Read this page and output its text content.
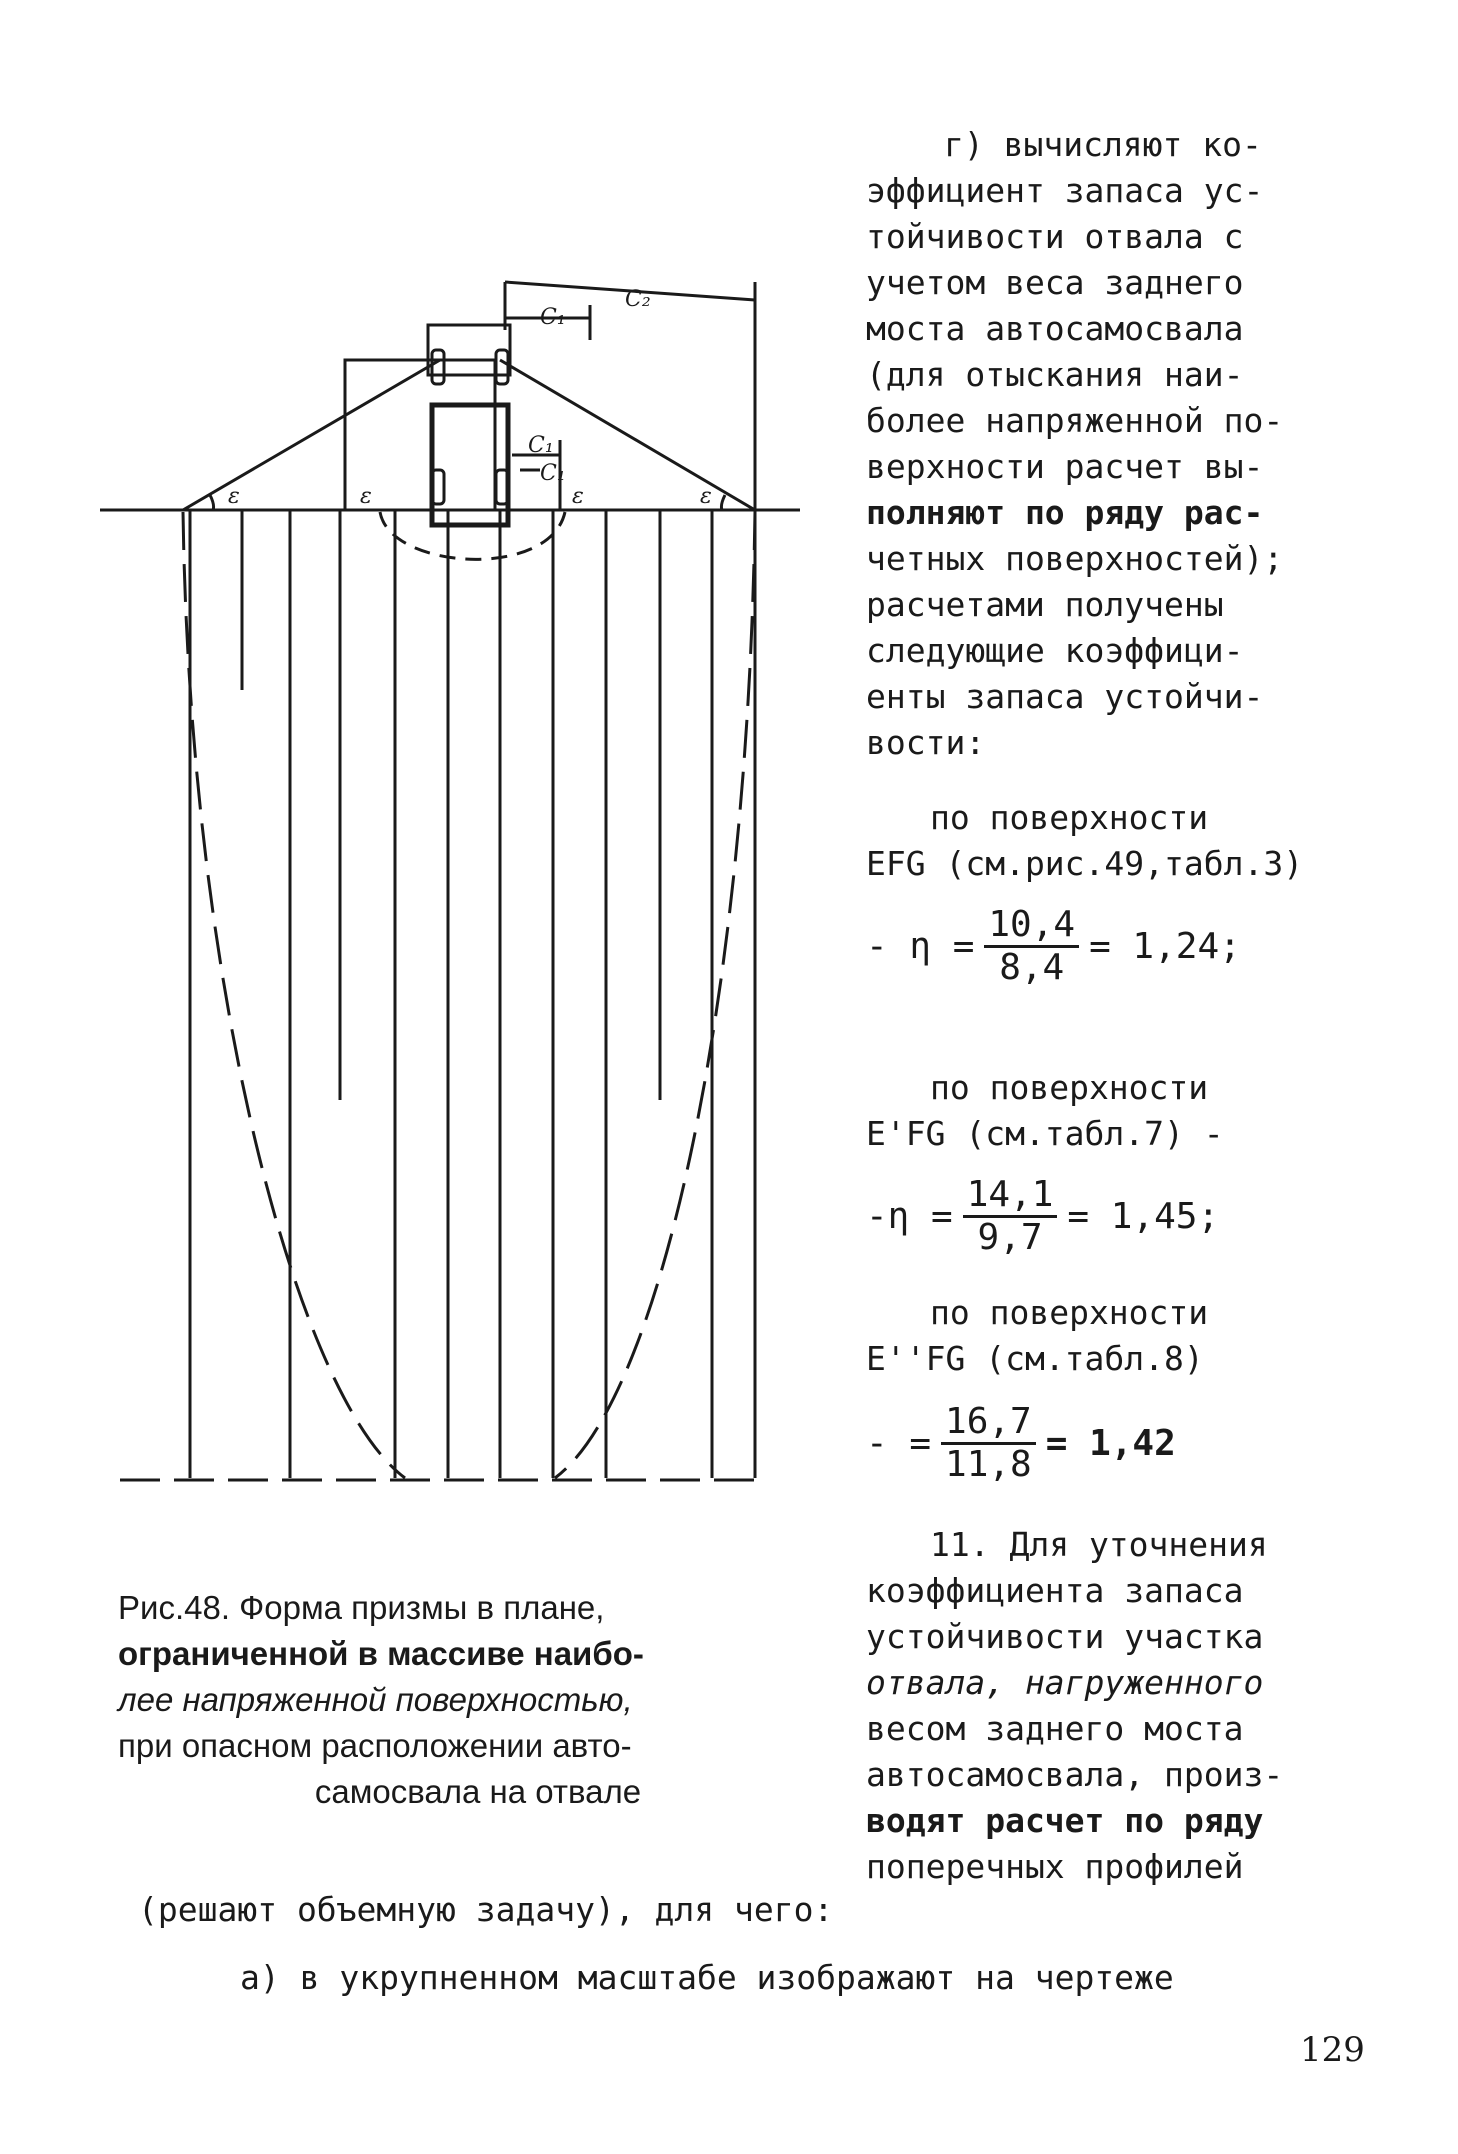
C₂
C₁
C₁
C₁
ε	ε	ε	ε

г) вычисляют ко-
эффициент запаса ус-
тойчивости отвала с
учетом веса заднего
моста автосамосвала
(для отыскания наи-
более напряженной по-
верхности расчет вы-
полняют по ряду рас-
четных поверхностей);
расчетами получены
следующие коэффици-
енты запаса устойчи-
вости:

по поверхности
EFG (см.рис.49,табл.3)
- $\eta = \frac{10,4}{8,4} = 1,24$;
по поверхности
E'FG (см.табл.7) -
$-\eta = \frac{14,1}{9,7} = 1,45$;
по поверхности
E''FG (см.табл.8)
- = $\frac{16,7}{11,8} = 1,42$

11. Для уточнения
коэффициента запаса
устойчивости участка
отвала, нагруженного
весом заднего моста
автосамосвала, произ-
водят расчет по ряду
поперечных профилей

Рис.48. Форма призмы в плане,
ограниченной в массиве наибо-
лее напряженной поверхностью,
при опасном расположении авто-
самосвала на отвале
(решают объемную задачу), для чего:
а) в укрупненном масштабе изображают на чертеже
129
